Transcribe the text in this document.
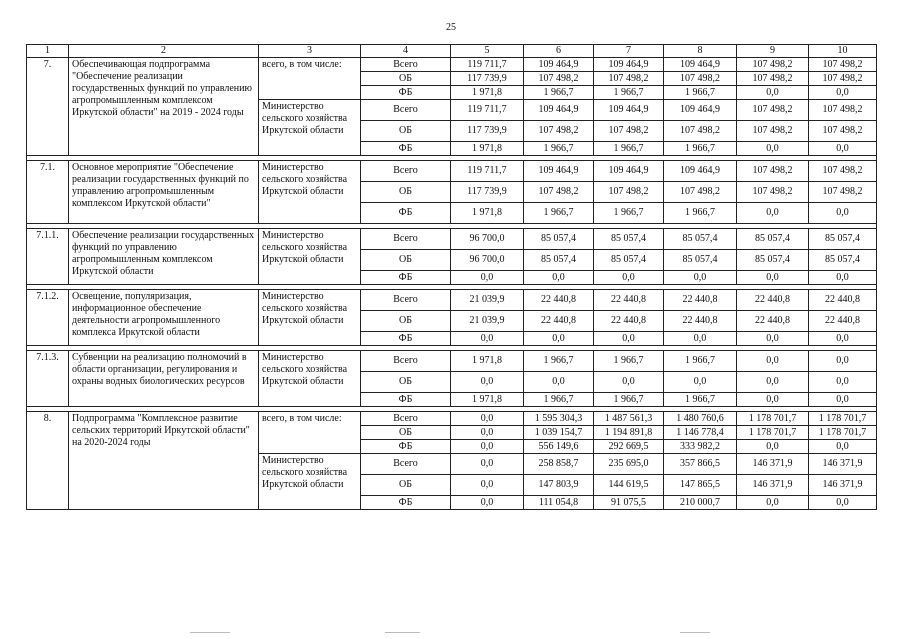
25
1	2	3	4	5	6	7	8	9	10
7.	Обеспечивающая подпрограмма "Обеспечение реализации государственных функций по управлению агропромышленным комплексом Иркутской области" на 2019 - 2024 годы	всего, в том числе:	Всего	119 711,7	109 464,9	109 464,9	109 464,9	107 498,2	107 498,2
			ОБ	117 739,9	107 498,2	107 498,2	107 498,2	107 498,2	107 498,2
			ФБ	1 971,8	1 966,7	1 966,7	1 966,7	0,0	0,0
		Министерство сельского хозяйства Иркутской области	Всего	119 711,7	109 464,9	109 464,9	109 464,9	107 498,2	107 498,2
			ОБ	117 739,9	107 498,2	107 498,2	107 498,2	107 498,2	107 498,2
			ФБ	1 971,8	1 966,7	1 966,7	1 966,7	0,0	0,0

7.1.	Основное мероприятие "Обеспечение реализации государственных функций по управлению агропромышленным комплексом Иркутской области"	Министерство сельского хозяйства Иркутской области	Всего	119 711,7	109 464,9	109 464,9	109 464,9	107 498,2	107 498,2
			ОБ	117 739,9	107 498,2	107 498,2	107 498,2	107 498,2	107 498,2
			ФБ	1 971,8	1 966,7	1 966,7	1 966,7	0,0	0,0

7.1.1.	Обеспечение реализации государственных функций по управлению агропромышленным комплексом Иркутской области	Министерство сельского хозяйства Иркутской области	Всего	96 700,0	85 057,4	85 057,4	85 057,4	85 057,4	85 057,4
			ОБ	96 700,0	85 057,4	85 057,4	85 057,4	85 057,4	85 057,4
			ФБ	0,0	0,0	0,0	0,0	0,0	0,0

7.1.2.	Освещение, популяризация, информационное обеспечение деятельности агропромышленного комплекса Иркутской области	Министерство сельского хозяйства Иркутской области	Всего	21 039,9	22 440,8	22 440,8	22 440,8	22 440,8	22 440,8
			ОБ	21 039,9	22 440,8	22 440,8	22 440,8	22 440,8	22 440,8
			ФБ	0,0	0,0	0,0	0,0	0,0	0,0

7.1.3.	Субвенции на реализацию полномочий в области организации, регулирования и охраны водных биологических ресурсов	Министерство сельского хозяйства Иркутской области	Всего	1 971,8	1 966,7	1 966,7	1 966,7	0,0	0,0
			ОБ	0,0	0,0	0,0	0,0	0,0	0,0
			ФБ	1 971,8	1 966,7	1 966,7	1 966,7	0,0	0,0

8.	Подпрограмма "Комплексное развитие сельских территорий Иркутской области" на 2020-2024 годы	всего, в том числе:	Всего	0,0	1 595 304,3	1 487 561,3	1 480 760,6	1 178 701,7	1 178 701,7
			ОБ	0,0	1 039 154,7	1 194 891,8	1 146 778,4	1 178 701,7	1 178 701,7
			ФБ	0,0	556 149,6	292 669,5	333 982,2	0,0	0,0
		Министерство сельского хозяйства Иркутской области	Всего	0,0	258 858,7	235 695,0	357 866,5	146 371,9	146 371,9
			ОБ	0,0	147 803,9	144 619,5	147 865,5	146 371,9	146 371,9
			ФБ	0,0	111 054,8	91 075,5	210 000,7	0,0	0,0
